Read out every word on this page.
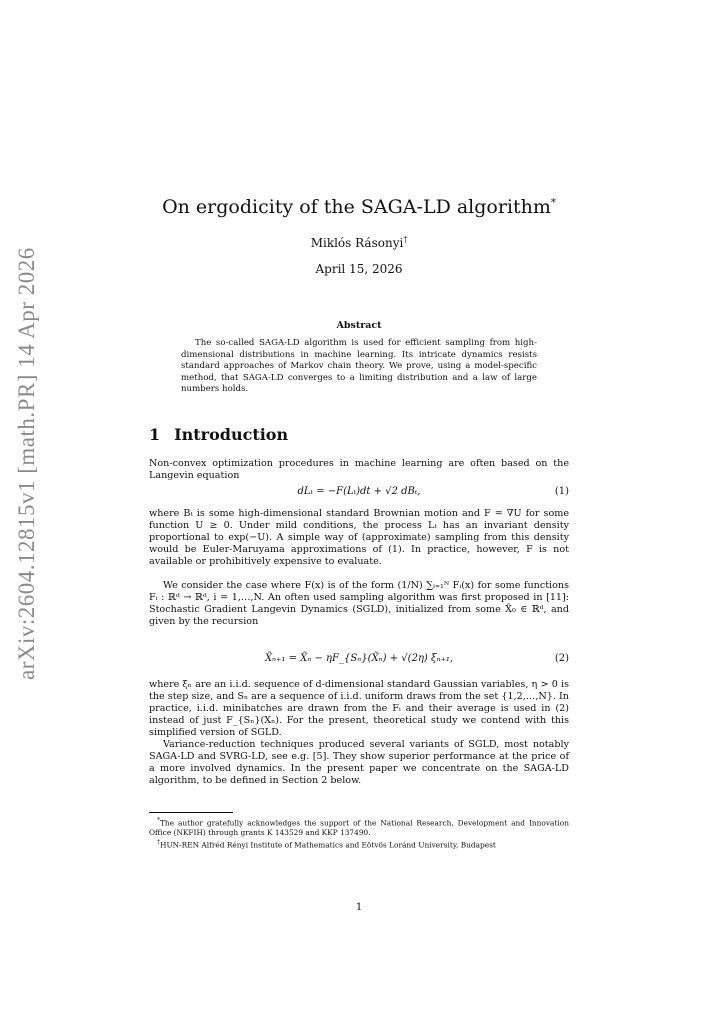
arXiv:2604.12815v1 [math.PR] 14 Apr 2026
On ergodicity of the SAGA-LD algorithm*
Miklós Rásonyi†
April 15, 2026
Abstract

The so-called SAGA-LD algorithm is used for efficient sampling from high-dimensional distributions in machine learning. Its intricate dynamics resists standard approaches of Markov chain theory. We prove, using a model-specific method, that SAGA-LD converges to a limiting distribution and a law of large numbers holds.

1 Introduction

Non-convex optimization procedures in machine learning are often based on the Langevin equation

dLₜ = −F(Lₜ)dt + √2 dBₜ,	(1)

where Bₜ is some high-dimensional standard Brownian motion and F = ∇U for some function U ≥ 0. Under mild conditions, the process Lₜ has an invariant density proportional to exp(−U). A simple way of (approximate) sampling from this density would be Euler-Maruyama approximations of (1). In practice, however, F is not available or prohibitively expensive to evaluate.

We consider the case where F(x) is of the form (1/N) ∑ᵢ₌₁ᴺ Fᵢ(x) for some functions Fᵢ : ℝᵈ → ℝᵈ, i = 1,…,N. An often used sampling algorithm was first proposed in [11]: Stochastic Gradient Langevin Dynamics (SGLD), initialized from some X̃₀ ∈ ℝᵈ, and given by the recursion

X̃ₙ₊₁ = X̃ₙ − ηF_{Sₙ}(X̃ₙ) + √(2η) ξₙ₊₁,	(2)

where ξₙ are an i.i.d. sequence of d-dimensional standard Gaussian variables, η > 0 is the step size, and Sₙ are a sequence of i.i.d. uniform draws from the set {1,2,…,N}. In practice, i.i.d. minibatches are drawn from the Fᵢ and their average is used in (2) instead of just F_{Sₙ}(Xₙ). For the present, theoretical study we contend with this simplified version of SGLD.

Variance-reduction techniques produced several variants of SGLD, most notably SAGA-LD and SVRG-LD, see e.g. [5]. They show superior performance at the price of a more involved dynamics. In the present paper we concentrate on the SAGA-LD algorithm, to be defined in Section 2 below.

*The author gratefully acknowledges the support of the National Research, Development and Innovation Office (NKFIH) through grants K 143529 and KKP 137490.

†HUN-REN Alfréd Rényi Institute of Mathematics and Eötvös Loránd University, Budapest

1
